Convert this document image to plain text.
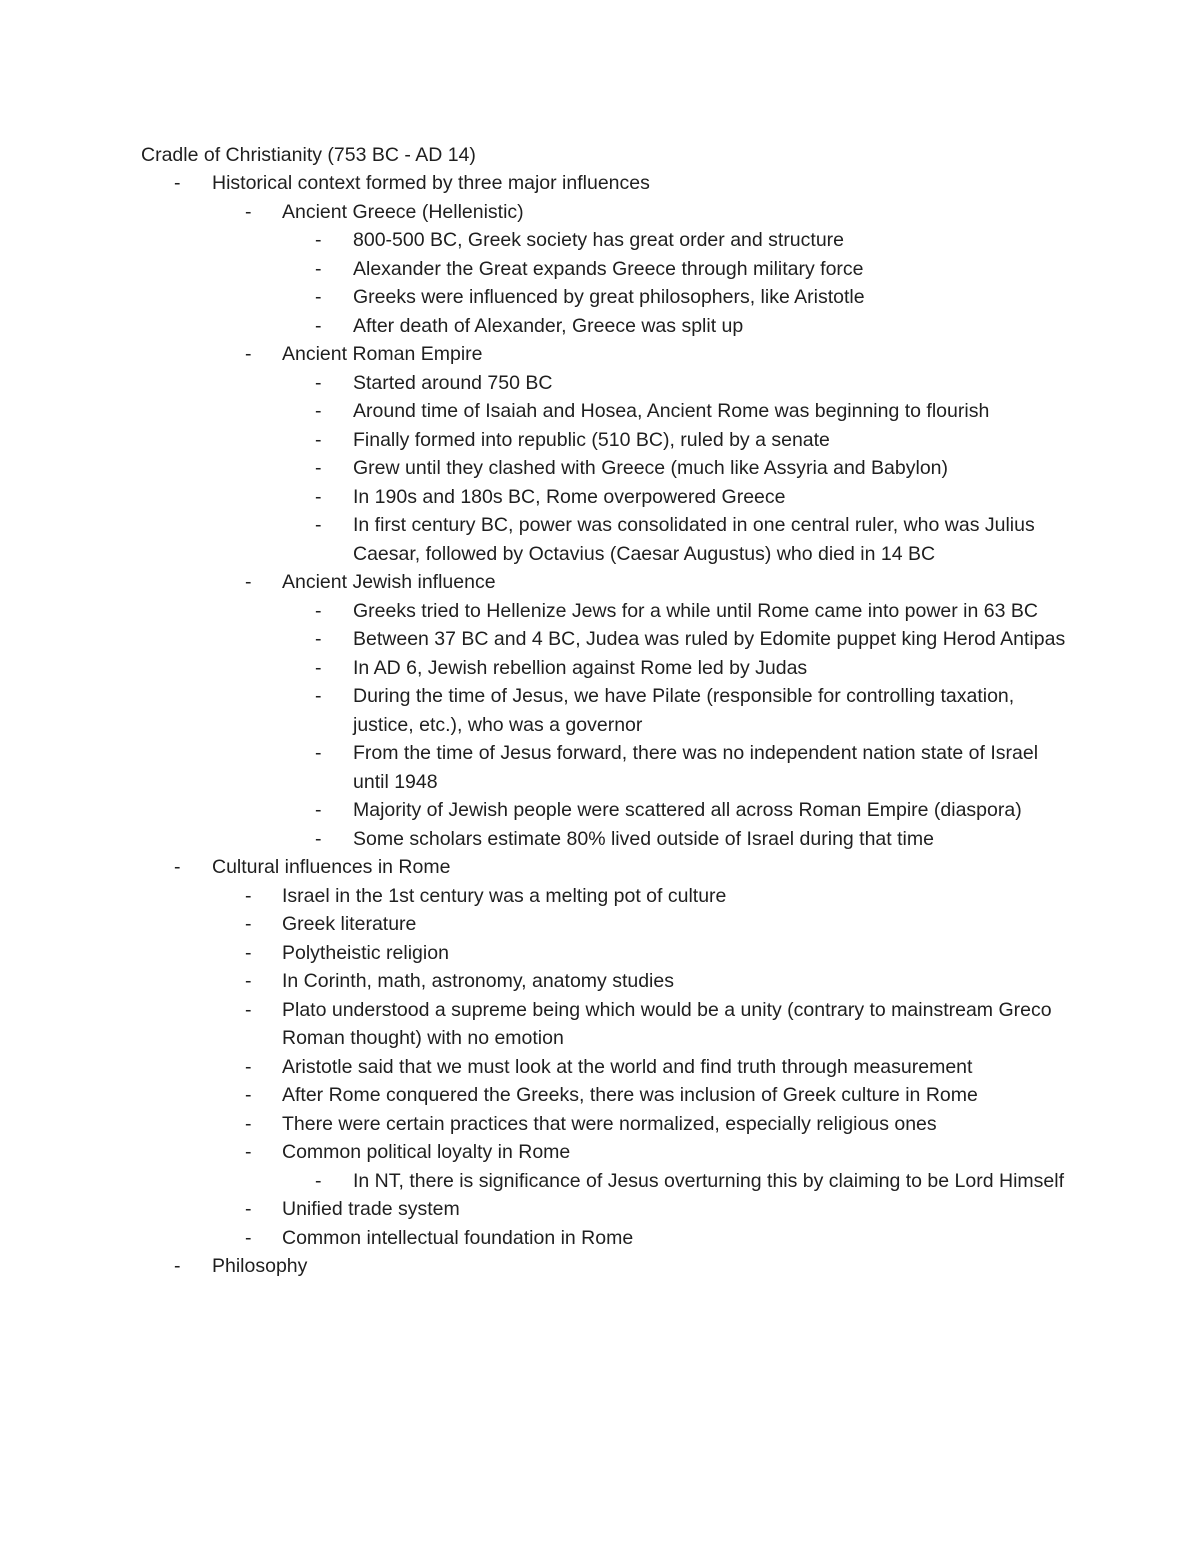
Cradle of Christianity (753 BC - AD 14)
- Historical context formed by three major influences
- Ancient Greece (Hellenistic)
- 800-500 BC, Greek society has great order and structure
- Alexander the Great expands Greece through military force
- Greeks were influenced by great philosophers, like Aristotle
- After death of Alexander, Greece was split up
- Ancient Roman Empire
- Started around 750 BC
- Around time of Isaiah and Hosea, Ancient Rome was beginning to flourish
- Finally formed into republic (510 BC), ruled by a senate
- Grew until they clashed with Greece (much like Assyria and Babylon)
- In 190s and 180s BC, Rome overpowered Greece
- In first century BC, power was consolidated in one central ruler, who was Julius Caesar, followed by Octavius (Caesar Augustus) who died in 14 BC
- Ancient Jewish influence
- Greeks tried to Hellenize Jews for a while until Rome came into power in 63 BC
- Between 37 BC and 4 BC, Judea was ruled by Edomite puppet king Herod Antipas
- In AD 6, Jewish rebellion against Rome led by Judas
- During the time of Jesus, we have Pilate (responsible for controlling taxation, justice, etc.), who was a governor
- From the time of Jesus forward, there was no independent nation state of Israel until 1948
- Majority of Jewish people were scattered all across Roman Empire (diaspora)
- Some scholars estimate 80% lived outside of Israel during that time
- Cultural influences in Rome
- Israel in the 1st century was a melting pot of culture
- Greek literature
- Polytheistic religion
- In Corinth, math, astronomy, anatomy studies
- Plato understood a supreme being which would be a unity (contrary to mainstream Greco Roman thought) with no emotion
- Aristotle said that we must look at the world and find truth through measurement
- After Rome conquered the Greeks, there was inclusion of Greek culture in Rome
- There were certain practices that were normalized, especially religious ones
- Common political loyalty in Rome
- In NT, there is significance of Jesus overturning this by claiming to be Lord Himself
- Unified trade system
- Common intellectual foundation in Rome
- Philosophy
